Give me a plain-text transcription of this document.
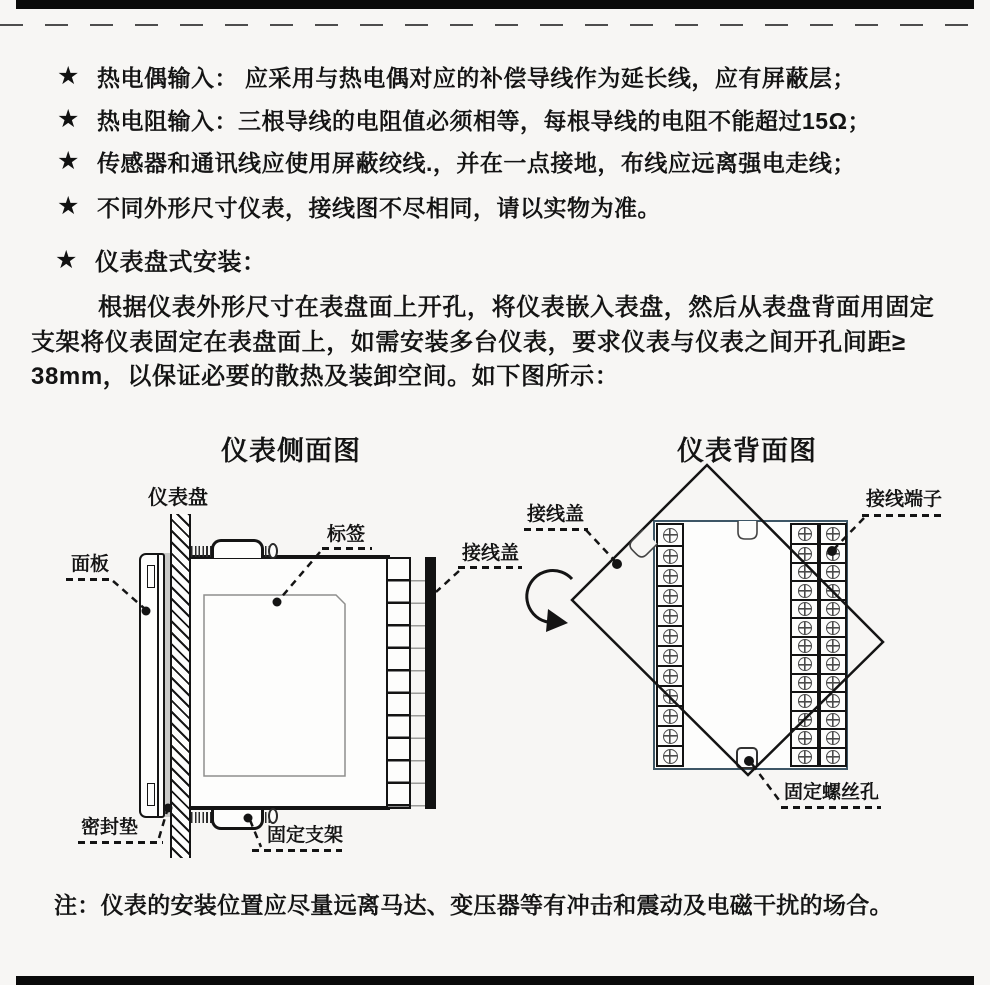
★ 热电偶输入： 应采用与热电偶对应的补偿导线作为延长线，应有屏蔽层；
★ 热电阻输入：三根导线的电阻值必须相等，每根导线的电阻不能超过15Ω；
★ 传感器和通讯线应使用屏蔽绞线.，并在一点接地，布线应远离强电走线；
★ 不同外形尺寸仪表，接线图不尽相同，请以实物为准。
★ 仪表盘式安装：
根据仪表外形尺寸在表盘面上开孔，将仪表嵌入表盘，然后从表盘背面用固定
支架将仪表固定在表盘面上，如需安装多台仪表，要求仪表与仪表之间开孔间距≥
38mm，以保证必要的散热及装卸空间。如下图所示：
仪表侧面图	仪表背面图
仪表盘
面板
标签
接线盖
密封垫	固定支架
接线盖
接线端子
固定螺丝孔
注：仪表的安装位置应尽量远离马达、变压器等有冲击和震动及电磁干扰的场合。
